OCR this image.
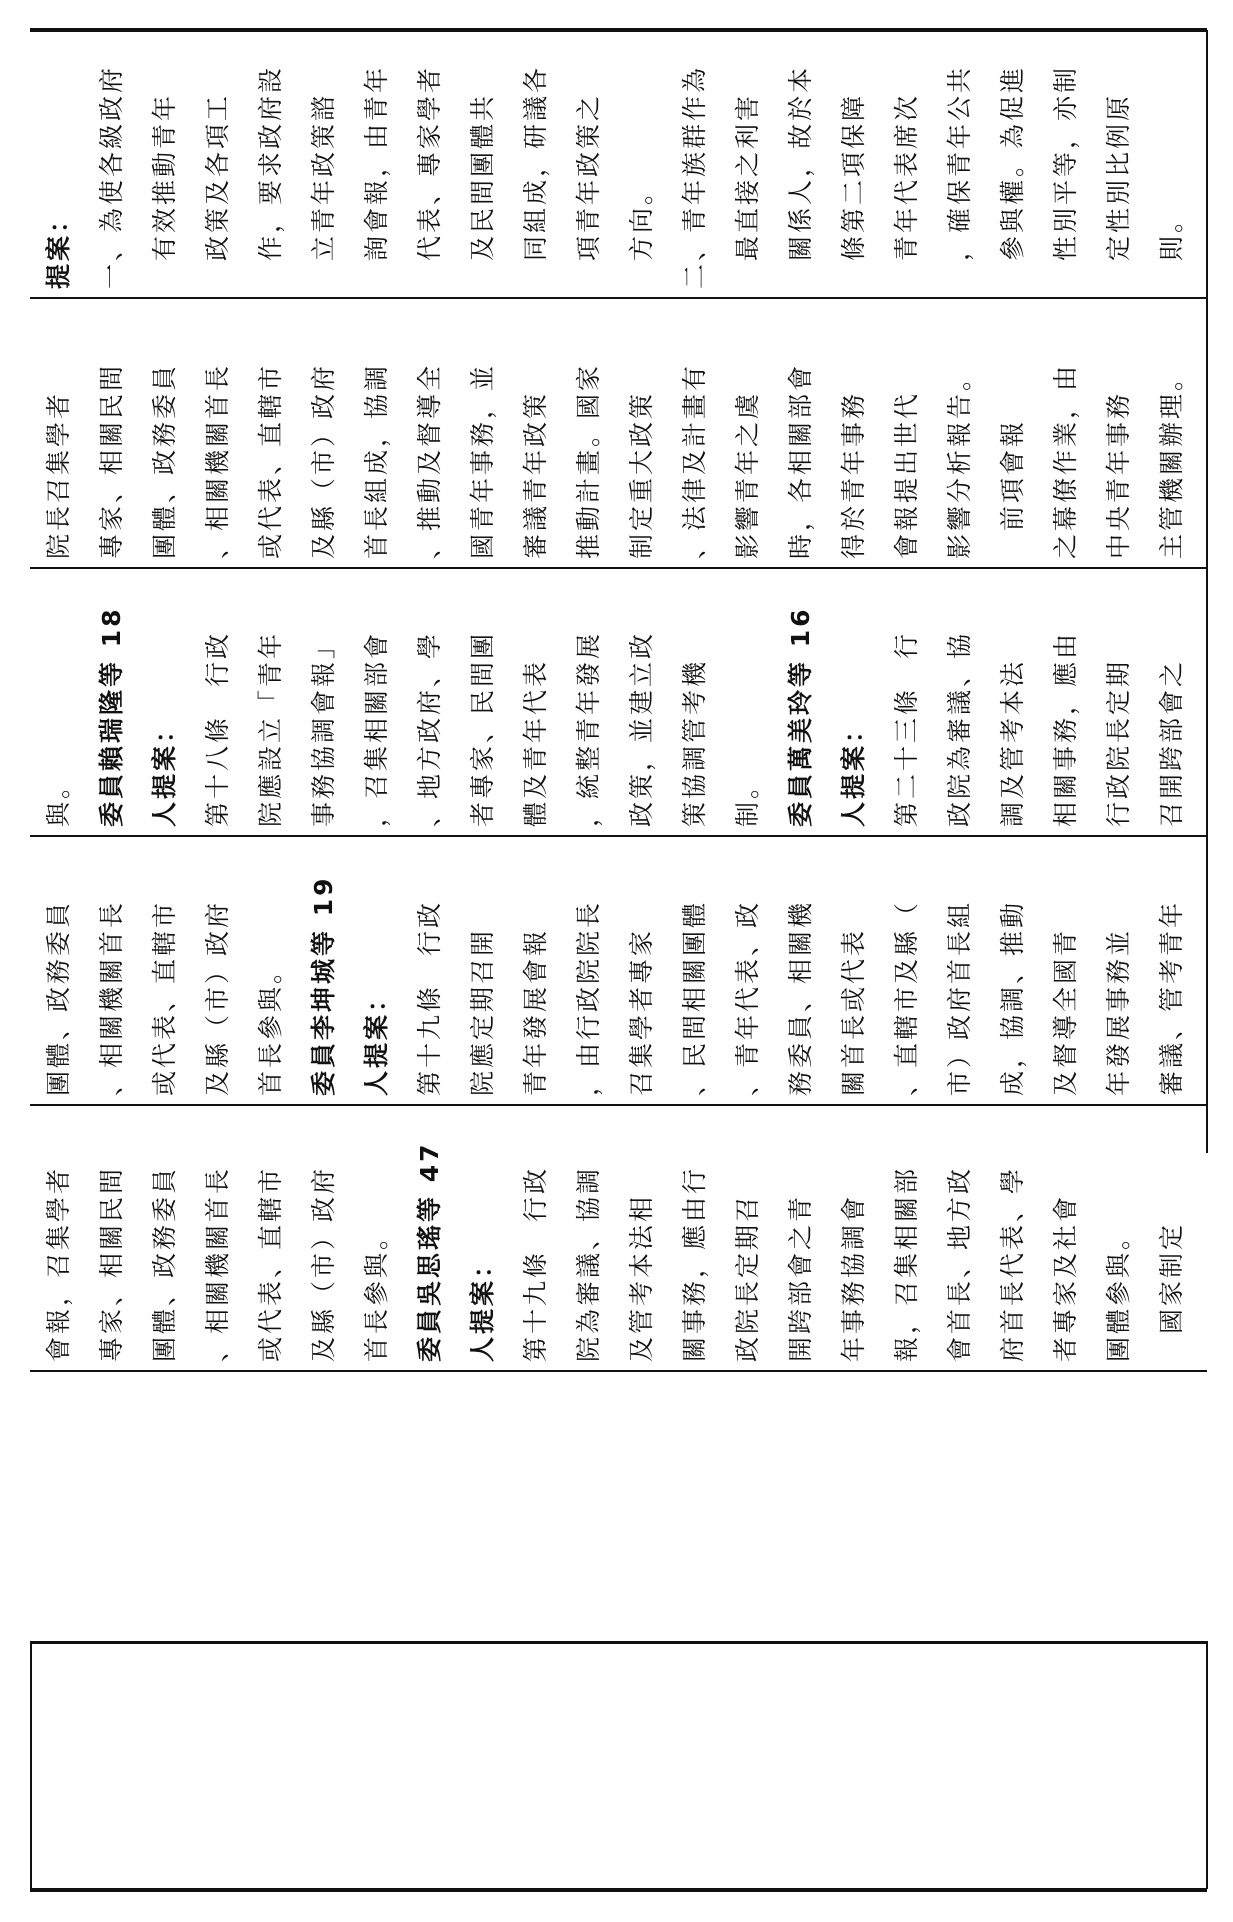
提案： 一、為使各級政府 　有效推動青年 　政策及各項工 　作，要求政府設 　立青年政策諮 　詢會報，由青年 　代表、專家學者 　及民間團體共 　同組成，研議各 　項青年政策之 　方向。 二、青年族群作為 　最直接之利害 　關係人，故於本 　條第二項保障 　青年代表席次 　，確保青年公共 　參與權。為促進 　性別平等，亦制 　定性別比例原 　則。
院長召集學者 專家、相關民間 團體、政務委員 、相關機關首長 或代表、直轄市 及縣（市）政府 首長組成，協調 、推動及督導全 國青年事務，並 審議青年政策 推動計畫。國家 制定重大政策 、法律及計畫有 影響青年之虞 時，各相關部會 得於青年事務 會報提出世代 影響分析報告。 　前項會報 之幕僚作業，由 中央青年事務 主管機關辦理。
與。 委員賴瑞隆等 18 人提案： 第十八條　行政 院應設立「青年 事務協調會報」 ，召集相關部會 、地方政府、學 者專家、民間團 體及青年代表 ，統整青年發展 政策，並建立政 策協調管考機 制。 委員萬美玲等 16 人提案： 第二十三條　行 政院為審議、協 調及管考本法 相關事務，應由 行政院長定期 召開跨部會之
團體、政務委員 、相關機關首長 或代表、直轄市 及縣（市）政府 首長參與。 委員李坤城等 19 人提案： 第十九條　行政 院應定期召開 青年發展會報 ，由行政院院長 召集學者專家 、民間相關團體 、青年代表、政 務委員、相關機 關首長或代表 、直轄市及縣（ 市）政府首長組 成，協調、推動 及督導全國青 年發展事務並 審議、管考青年
會報，召集學者 專家、相關民間 團體、政務委員 、相關機關首長 或代表、直轄市 及縣（市）政府 首長參與。 委員吳思瑤等 47 人提案： 第十九條　行政 院為審議、協調 及管考本法相 關事務，應由行 政院長定期召 開跨部會之青 年事務協調會 報，召集相關部 會首長、地方政 府首長代表、學 者專家及社會 團體參與。 　國家制定
